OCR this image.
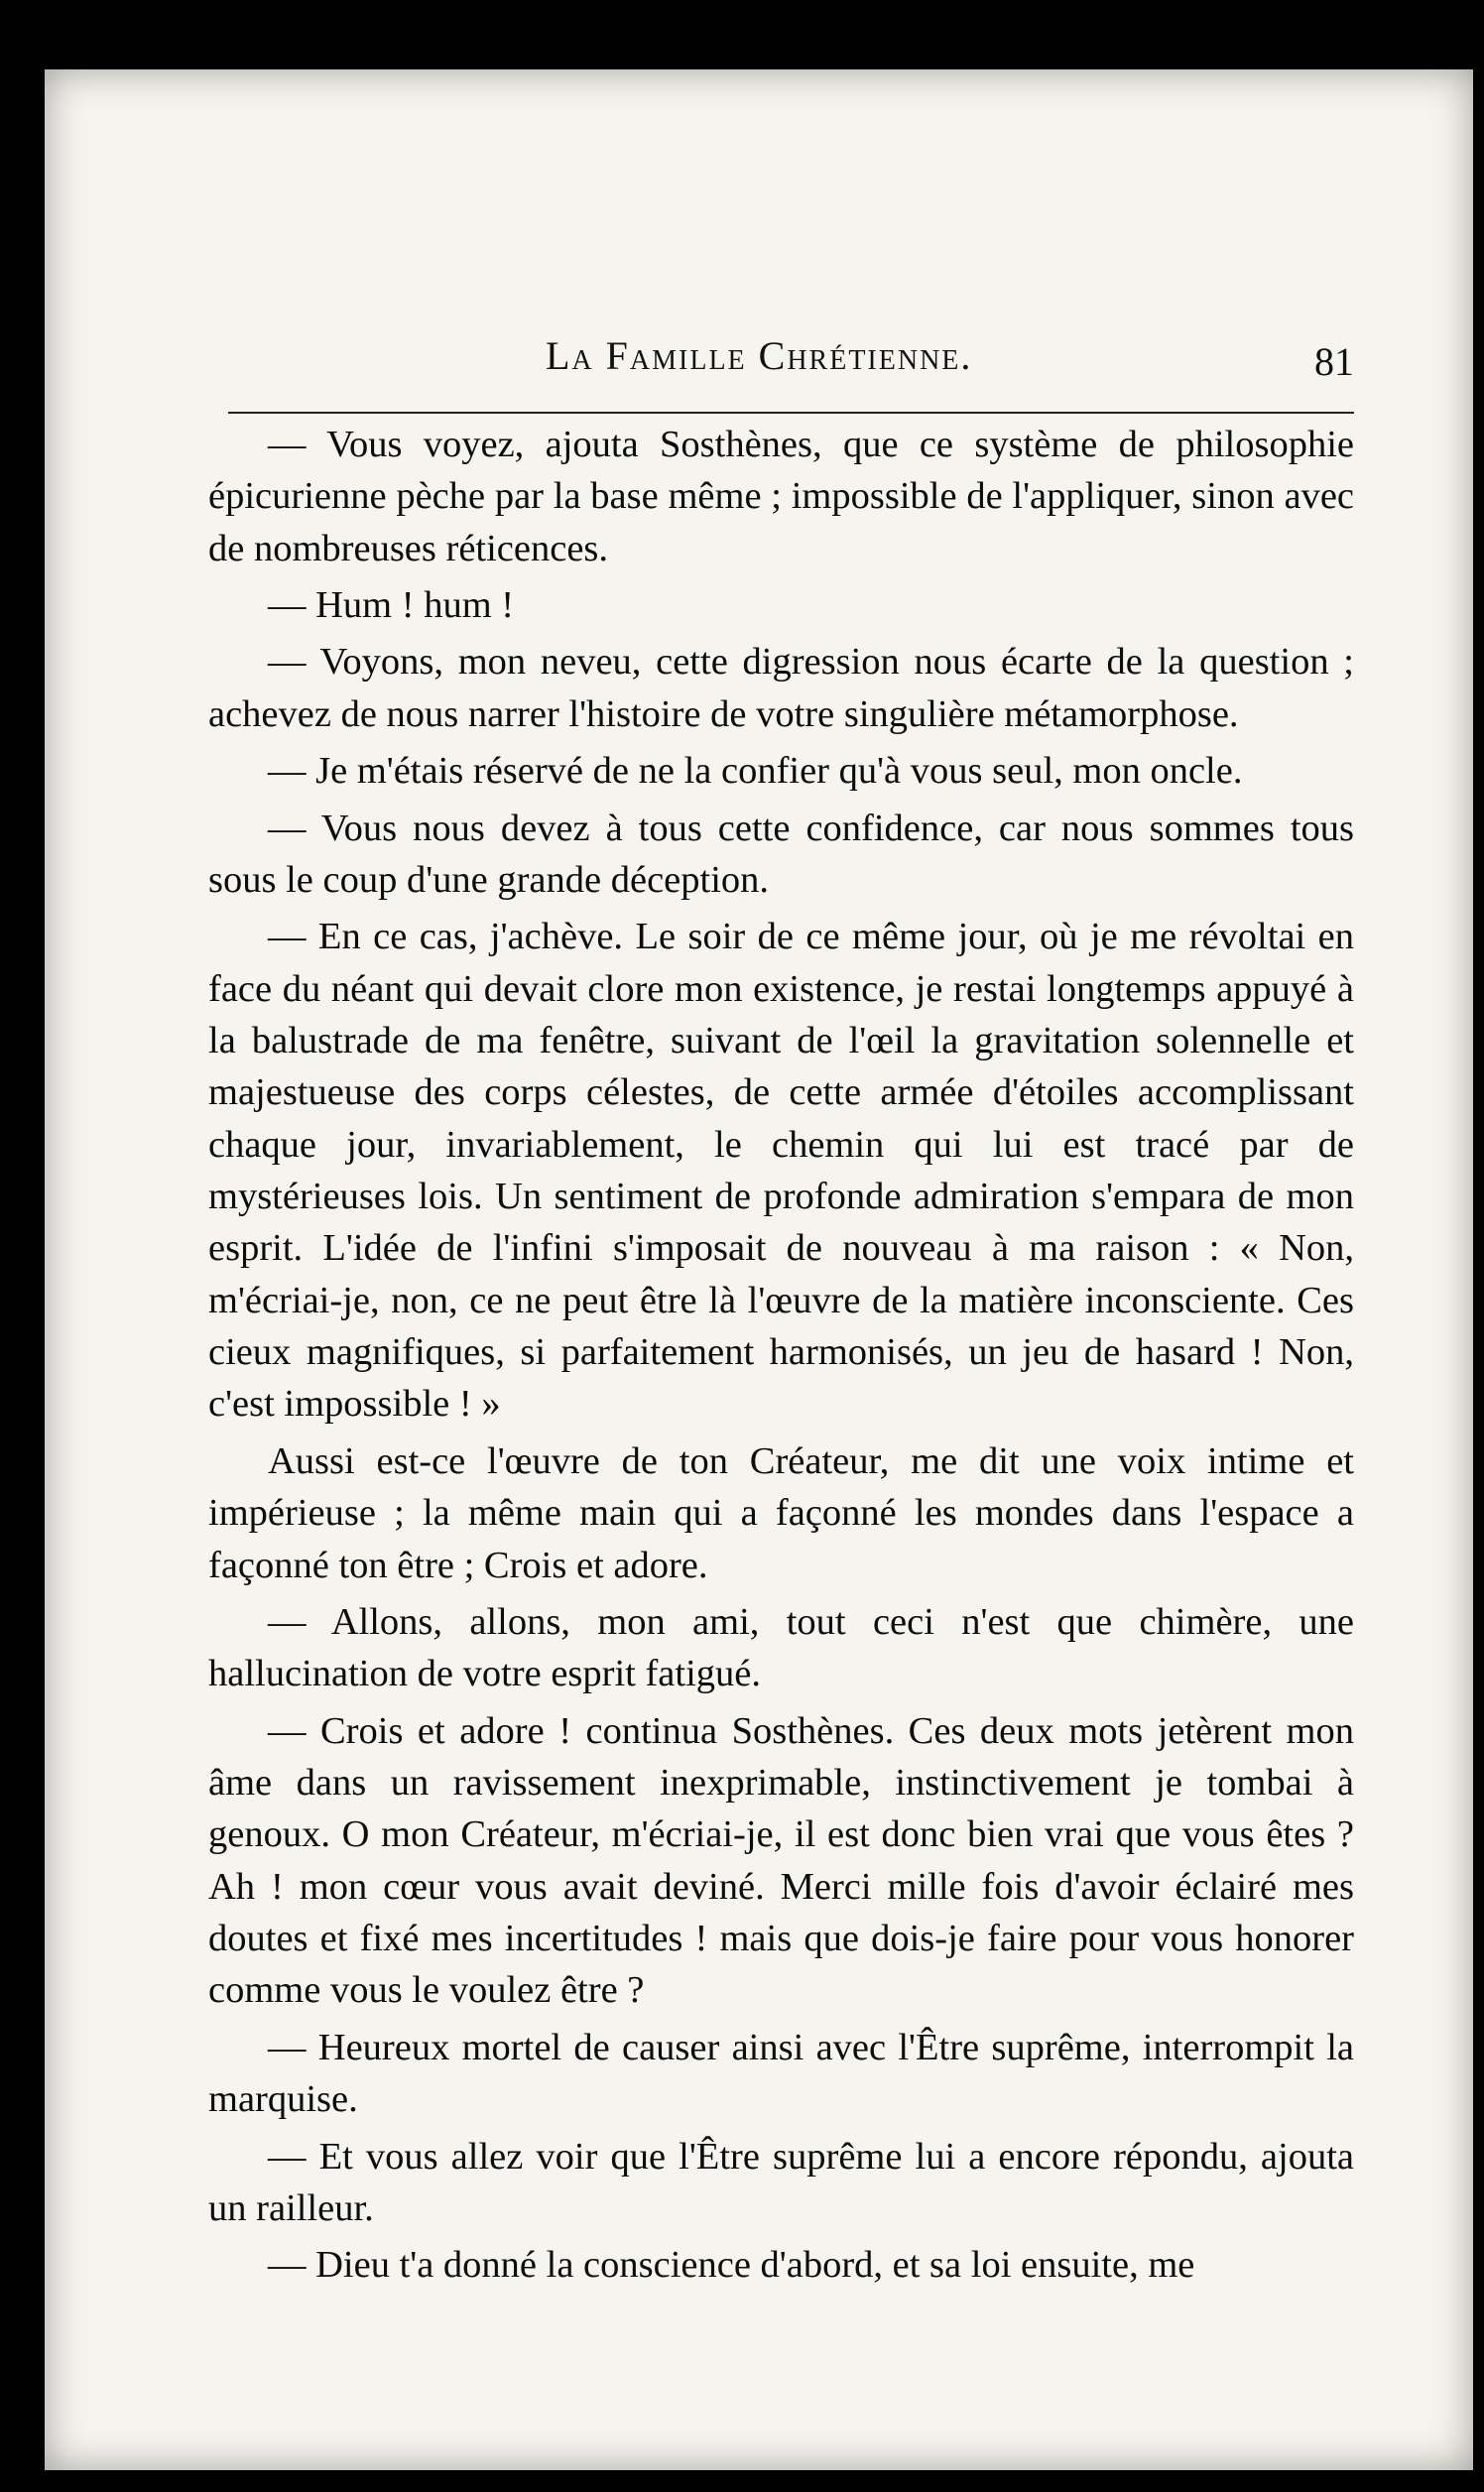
La Famille Chrétienne.	81

— Vous voyez, ajouta Sosthènes, que ce système de philosophie épicurienne pèche par la base même ; impossible de l'appliquer, sinon avec de nombreuses réticences.

— Hum ! hum !

— Voyons, mon neveu, cette digression nous écarte de la question ; achevez de nous narrer l'histoire de votre singulière métamorphose.

— Je m'étais réservé de ne la confier qu'à vous seul, mon oncle.

— Vous nous devez à tous cette confidence, car nous sommes tous sous le coup d'une grande déception.

— En ce cas, j'achève. Le soir de ce même jour, où je me révoltai en face du néant qui devait clore mon existence, je restai longtemps appuyé à la balustrade de ma fenêtre, suivant de l'œil la gravitation solennelle et majestueuse des corps célestes, de cette armée d'étoiles accomplissant chaque jour, invariablement, le chemin qui lui est tracé par de mystérieuses lois. Un sentiment de profonde admiration s'empara de mon esprit. L'idée de l'infini s'imposait de nouveau à ma raison : « Non, m'écriai-je, non, ce ne peut être là l'œuvre de la matière inconsciente. Ces cieux magnifiques, si parfaitement harmonisés, un jeu de hasard ! Non, c'est impossible ! »

Aussi est-ce l'œuvre de ton Créateur, me dit une voix intime et impérieuse ; la même main qui a façonné les mondes dans l'espace a façonné ton être ; Crois et adore.

— Allons, allons, mon ami, tout ceci n'est que chimère, une hallucination de votre esprit fatigué.

— Crois et adore ! continua Sosthènes. Ces deux mots jetèrent mon âme dans un ravissement inexprimable, instinctivement je tombai à genoux. O mon Créateur, m'écriai-je, il est donc bien vrai que vous êtes ? Ah ! mon cœur vous avait deviné. Merci mille fois d'avoir éclairé mes doutes et fixé mes incertitudes ! mais que dois-je faire pour vous honorer comme vous le voulez être ?

— Heureux mortel de causer ainsi avec l'Être suprême, interrompit la marquise.

— Et vous allez voir que l'Être suprême lui a encore répondu, ajouta un railleur.

— Dieu t'a donné la conscience d'abord, et sa loi ensuite, me
